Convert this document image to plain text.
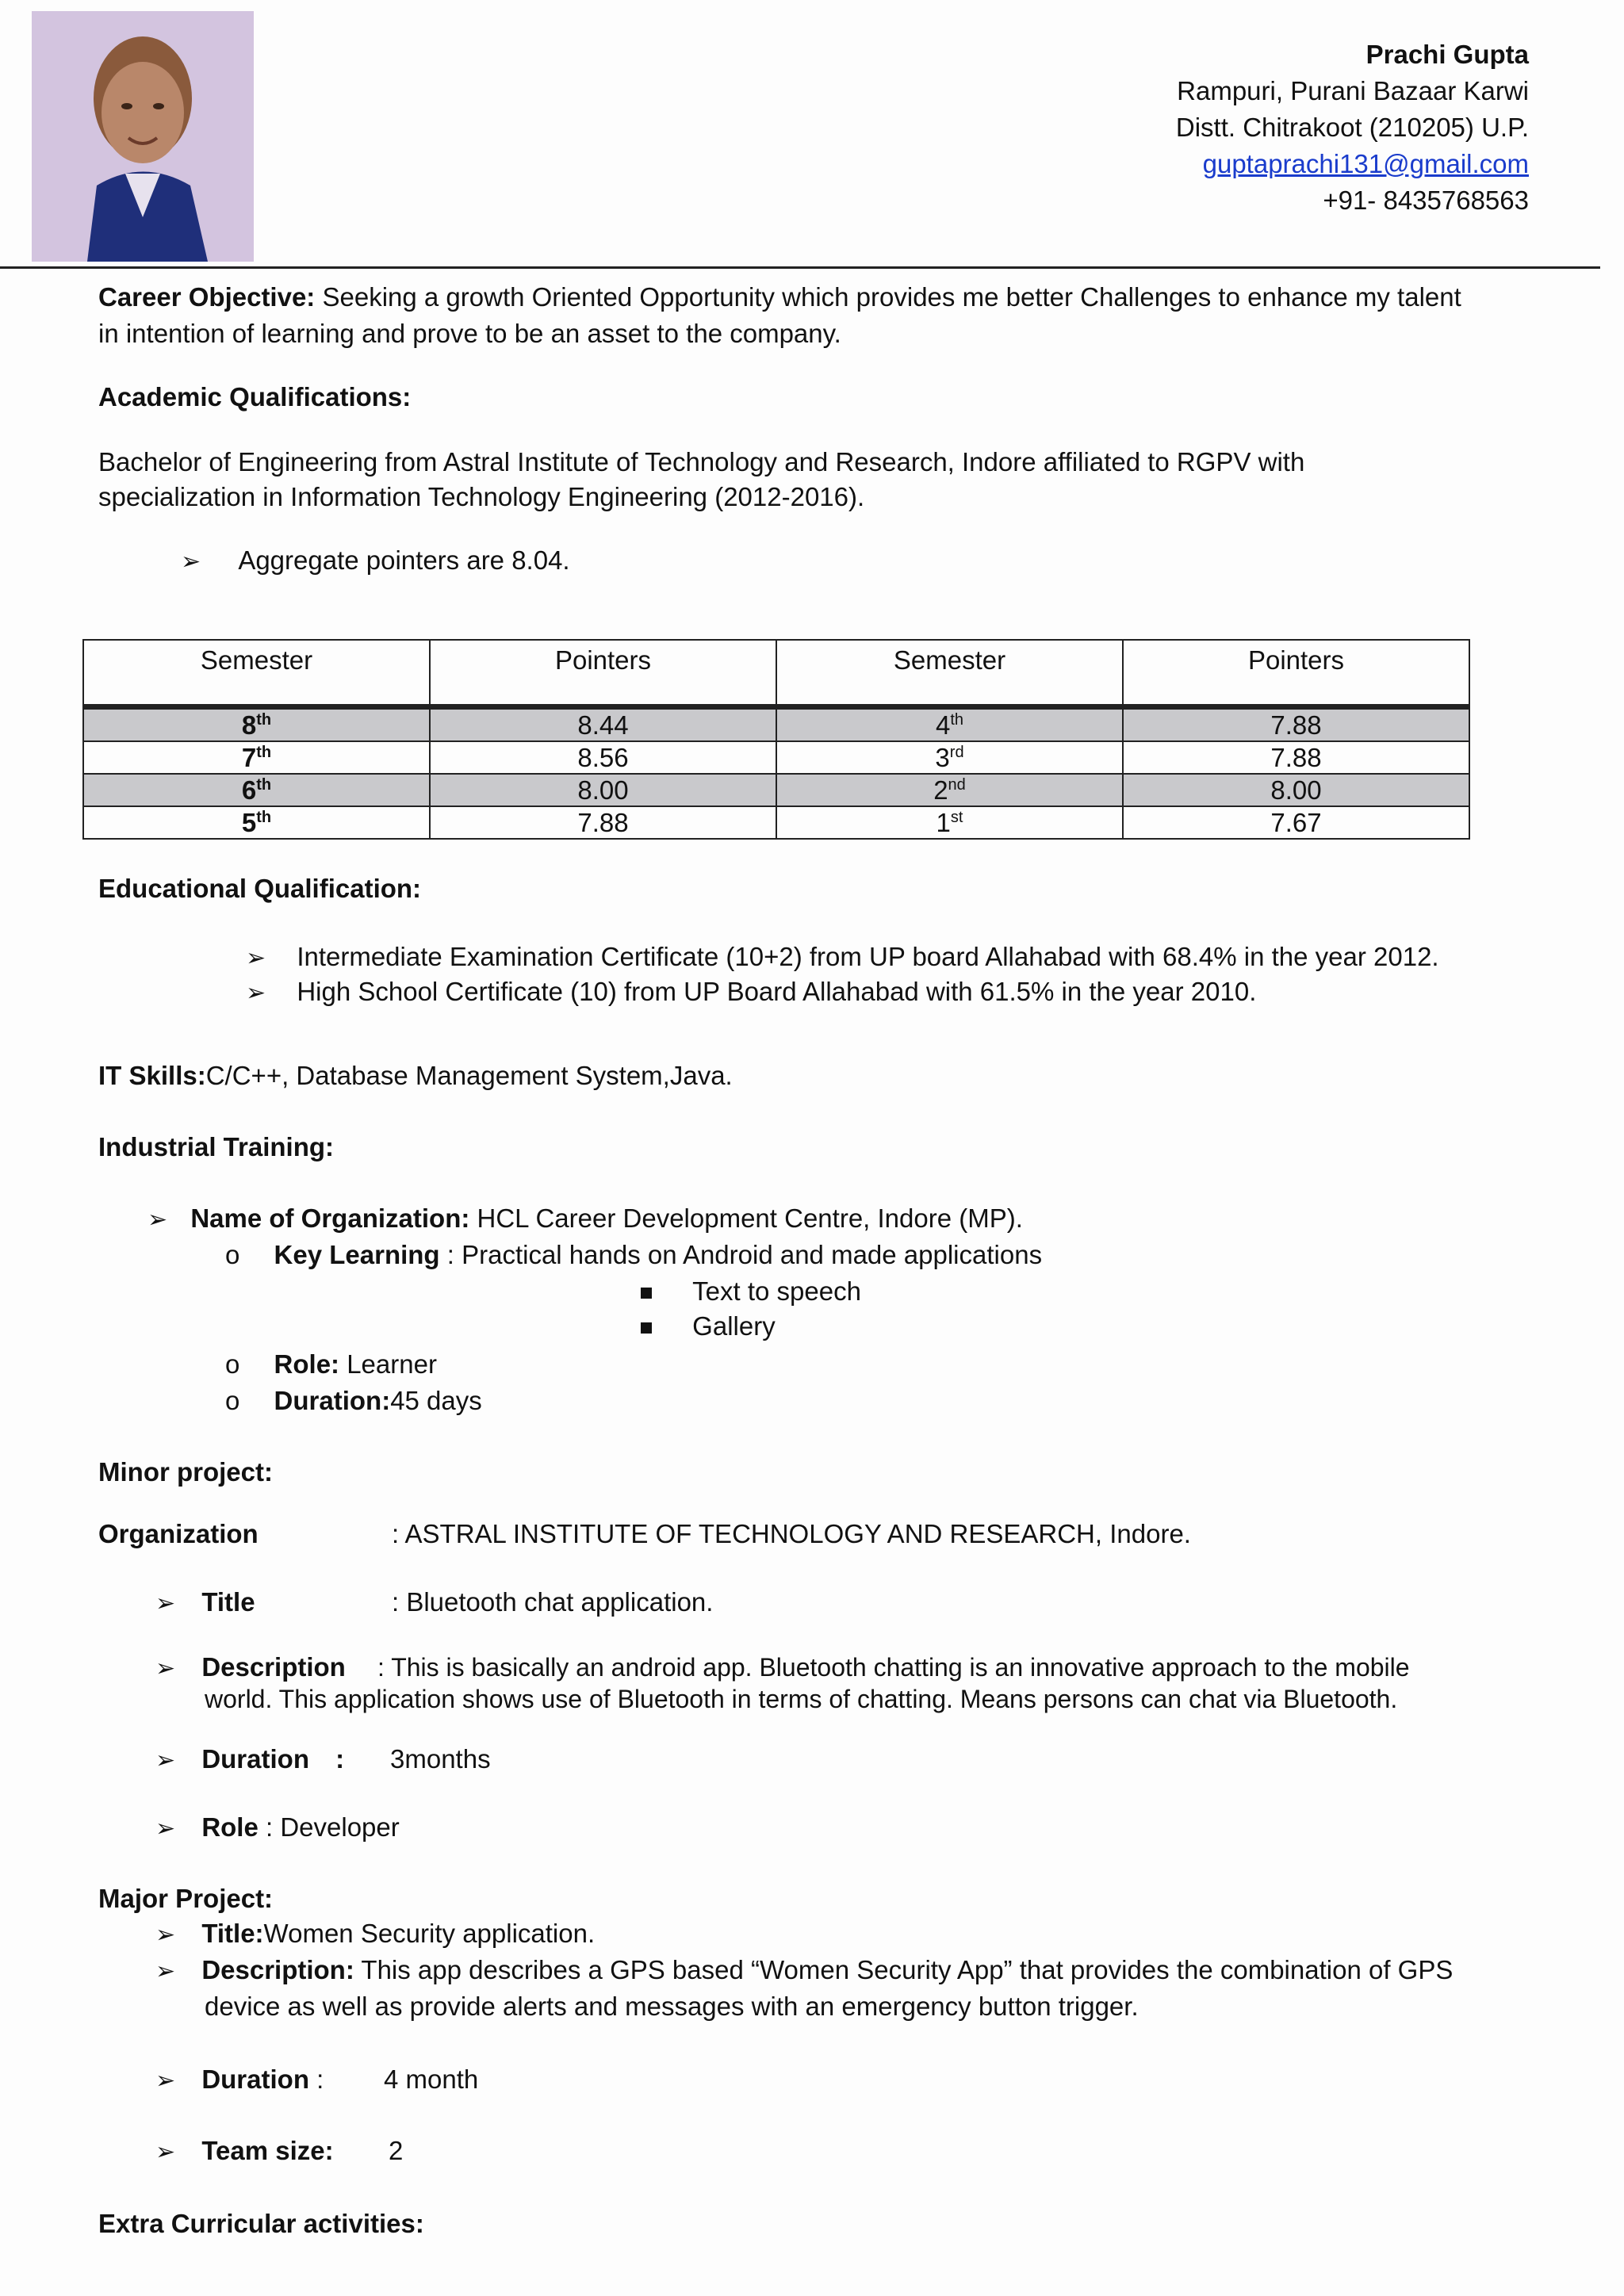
Prachi Gupta
Rampuri, Purani Bazaar Karwi
Distt. Chitrakoot (210205) U.P.
guptaprachi131@gmail.com
+91- 8435768563
Career Objective: Seeking a growth Oriented Opportunity which provides me better Challenges to enhance my talent
in intention of learning and prove to be an asset to the company.
Academic Qualifications:
Bachelor of Engineering from Astral Institute of Technology and Research, Indore affiliated to RGPV with
specialization in Information Technology Engineering (2012-2016).
➢ Aggregate pointers are 8.04.
Semester	Pointers	Semester	Pointers
8th	8.44	4th	7.88
7th	8.56	3rd	7.88
6th	8.00	2nd	8.00
5th	7.88	1st	7.67
Educational Qualification:
➢ Intermediate Examination Certificate (10+2) from UP board Allahabad with 68.4% in the year 2012.
➢ High School Certificate (10) from UP Board Allahabad with 61.5% in the year 2010.
IT Skills:C/C++, Database Management System,Java.
Industrial Training:
➢ Name of Organization: HCL Career Development Centre, Indore (MP).
o Key Learning : Practical hands on Android and made applications
Text to speech
Gallery
o Role: Learner
o Duration:45 days
Minor project:
Organization	: ASTRAL INSTITUTE OF TECHNOLOGY AND RESEARCH, Indore.
➢ Title	: Bluetooth chat application.
➢ Description : This is basically an android app. Bluetooth chatting is an innovative approach to the mobile
world. This application shows use of Bluetooth in terms of chatting. Means persons can chat via Bluetooth.
➢ Duration : 3months
➢ Role : Developer
Major Project:
➢ Title:Women Security application.
➢ Description: This app describes a GPS based “Women Security App” that provides the combination of GPS
device as well as provide alerts and messages with an emergency button trigger.
➢ Duration : 4 month
➢ Team size: 2
Extra Curricular activities:
